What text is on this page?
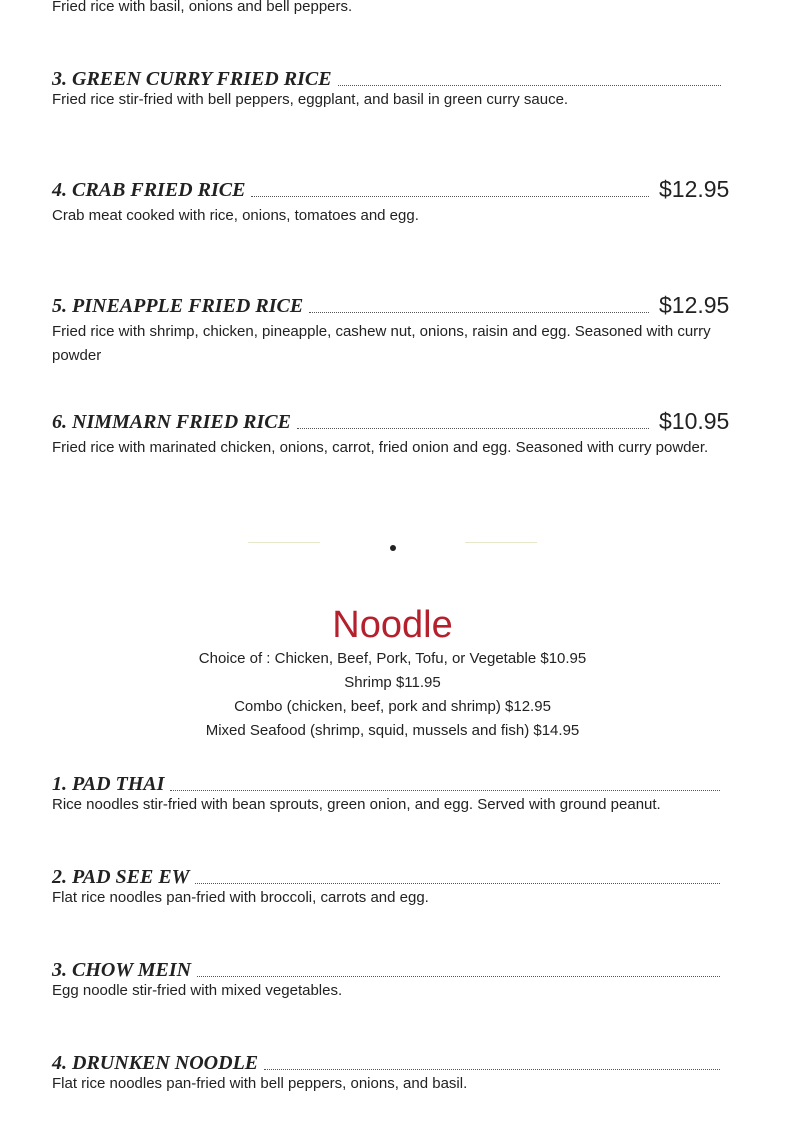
Fried rice with basil, onions and bell peppers.
3. GREEN CURRY FRIED RICE
Fried rice stir-fried with bell peppers, eggplant, and basil in green curry sauce.
4. CRAB FRIED RICE	$12.95
Crab meat cooked with rice, onions, tomatoes and egg.
5. PINEAPPLE FRIED RICE	$12.95
Fried rice with shrimp, chicken, pineapple, cashew nut, onions, raisin and egg. Seasoned with curry powder
6. NIMMARN FRIED RICE	$10.95
Fried rice with marinated chicken, onions, carrot, fried onion and egg. Seasoned with curry powder.
Noodle
Choice of : Chicken, Beef, Pork, Tofu, or Vegetable $10.95
Shrimp $11.95
Combo (chicken, beef, pork and shrimp) $12.95
Mixed Seafood (shrimp, squid, mussels and fish) $14.95
1. PAD THAI
Rice noodles stir-fried with bean sprouts, green onion, and egg. Served with ground peanut.
2. PAD SEE EW
Flat rice noodles pan-fried with broccoli, carrots and egg.
3. CHOW MEIN
Egg noodle stir-fried with mixed vegetables.
4. DRUNKEN NOODLE
Flat rice noodles pan-fried with bell peppers, onions, and basil.
